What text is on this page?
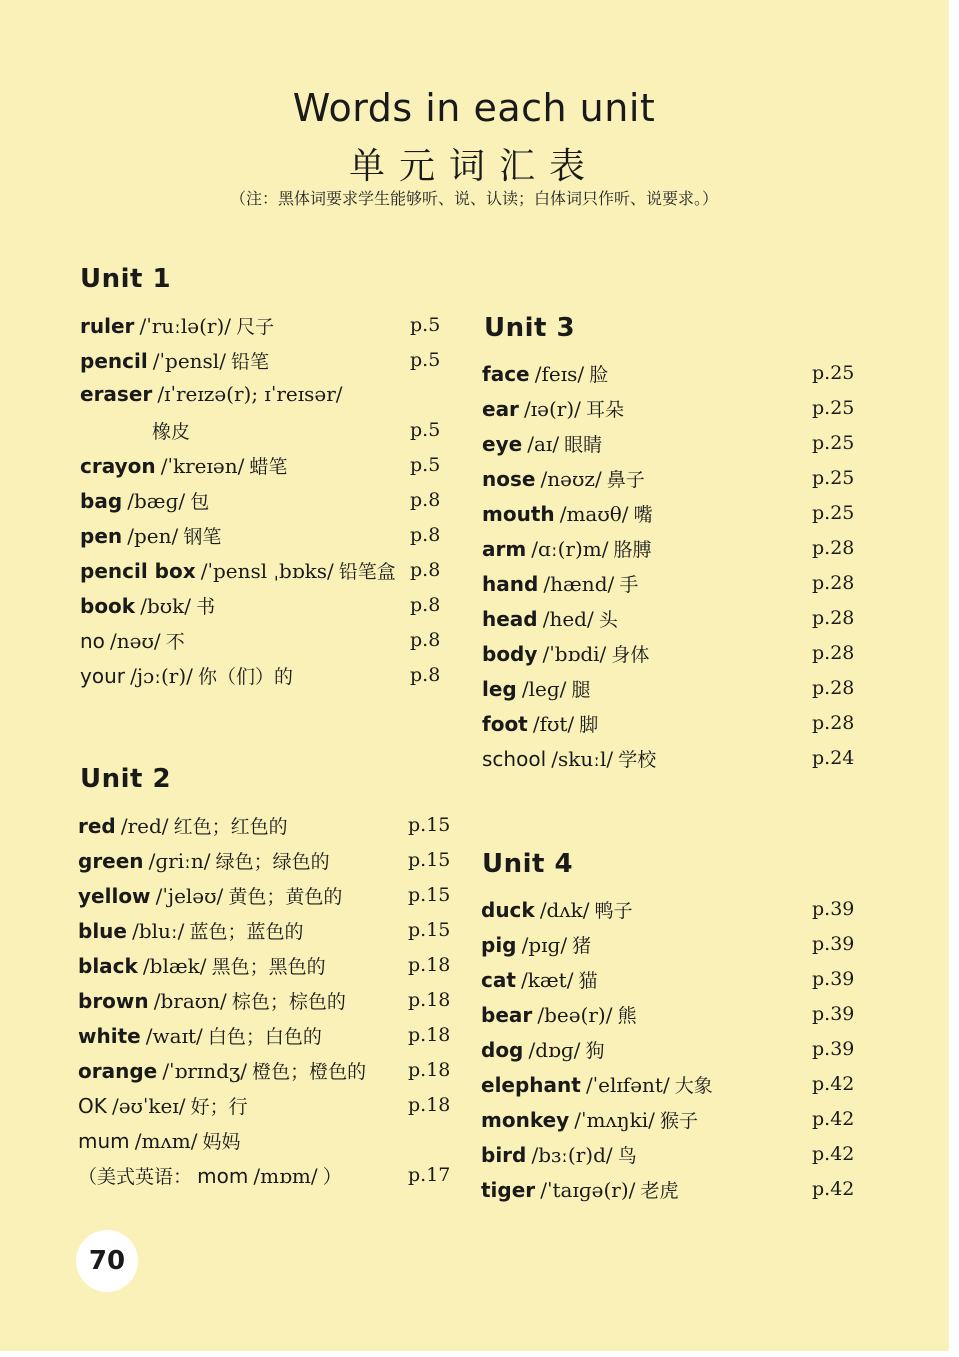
Words in each unit
单元词汇表
（注：黑体词要求学生能够听、说、认读；白体词只作听、说要求。）
Unit 1
ruler /ˈruːlə(r)/ 尺子	p.5
pencil /ˈpensl/ 铅笔	p.5
eraser /ɪˈreɪzə(r); ɪˈreɪsər/
橡皮	p.5
crayon /ˈkreɪən/ 蜡笔	p.5
bag /bæɡ/ 包	p.8
pen /pen/ 钢笔	p.8
pencil box /ˈpensl ˌbɒks/ 铅笔盒 p.8
book /bʊk/ 书	p.8
no /nəʊ/ 不	p.8
your /jɔː(r)/ 你（们）的	p.8
Unit 2
red /red/ 红色；红色的	p.15
green /ɡriːn/ 绿色；绿色的	p.15
yellow /ˈjeləʊ/ 黄色；黄色的	p.15
blue /bluː/ 蓝色；蓝色的	p.15
black /blæk/ 黑色；黑色的	p.18
brown /braʊn/ 棕色；棕色的	p.18
white /waɪt/ 白色；白色的	p.18
orange /ˈɒrɪndʒ/ 橙色；橙色的 p.18
OK /əʊˈkeɪ/ 好；行	p.18
mum /mʌm/ 妈妈
（美式英语： mom /mɒm/ ）	p.17
Unit 3
face /feɪs/ 脸	p.25
ear /ɪə(r)/ 耳朵	p.25
eye /aɪ/ 眼睛	p.25
nose /nəʊz/ 鼻子	p.25
mouth /maʊθ/ 嘴	p.25
arm /ɑː(r)m/ 胳膊	p.28
hand /hænd/ 手	p.28
head /hed/ 头	p.28
body /ˈbɒdi/ 身体	p.28
leg /leɡ/ 腿	p.28
foot /fʊt/ 脚	p.28
school /skuːl/ 学校	p.24
Unit 4
duck /dʌk/ 鸭子	p.39
pig /pɪɡ/ 猪	p.39
cat /kæt/ 猫	p.39
bear /beə(r)/ 熊	p.39
dog /dɒɡ/ 狗	p.39
elephant /ˈelɪfənt/ 大象	p.42
monkey /ˈmʌŋki/ 猴子	p.42
bird /bɜː(r)d/ 鸟	p.42
tiger /ˈtaɪɡə(r)/ 老虎	p.42
70
